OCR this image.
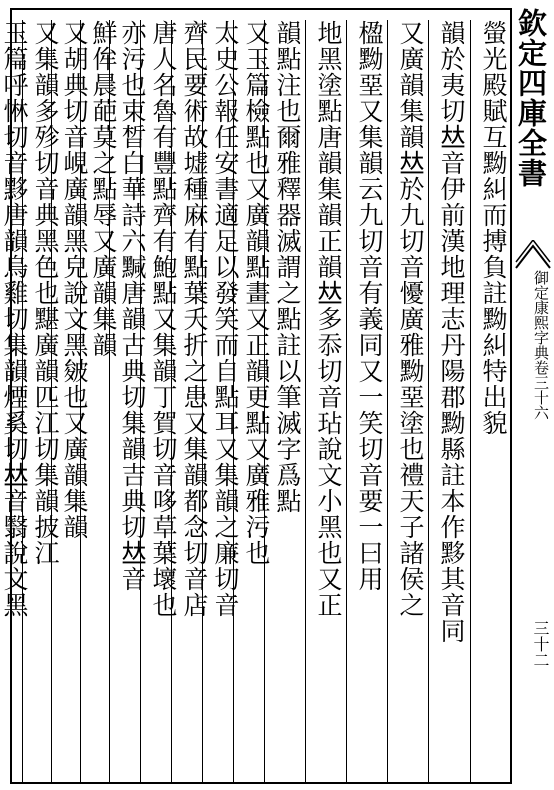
螢光殿賦互黝糾而搏負註黝糾特出貌
韻於夷切𠀤音伊前漢地理志丹陽郡黝縣註本作黟其音同
又廣韻集韻𠀤於九切音懮廣雅黝堊塗也禮天子諸侯之
楹黝堊又集韻云九切音有義同又一笑切音要一曰用
地黑塗點唐韻集韻正韻𠀤多忝切音玷說文小黑也又正
韻點注也爾雅釋器滅謂之點註以筆滅字爲點
又玉篇檢點也又廣韻點畫又正韻更點又廣雅污也
太史公報任安書適足以發笑而自點耳又集韻之廉切音
齊民要術故墟種麻有點葉夭折之患又集韻都念切音店
唐人名魯有豐點齊有鮑點又集韻丁賀切音哆草葉壞也
亦污也束晳白華詩六黬唐韻古典切集韻吉典切𠀤音
鮮侔晨葩莫之點辱又廣韻集韻
又胡典切音峴廣韻黑皃說文黑皴也又廣韻集韻
又集韻多殄切音典黑色也黮廣韻匹江切集韻披江
玉篇呼惏切音黟唐韻烏雞切集韻煙奚切𠀤音翳說文黑	欽定四庫全書
御定康熙字典卷三十六
三十二
